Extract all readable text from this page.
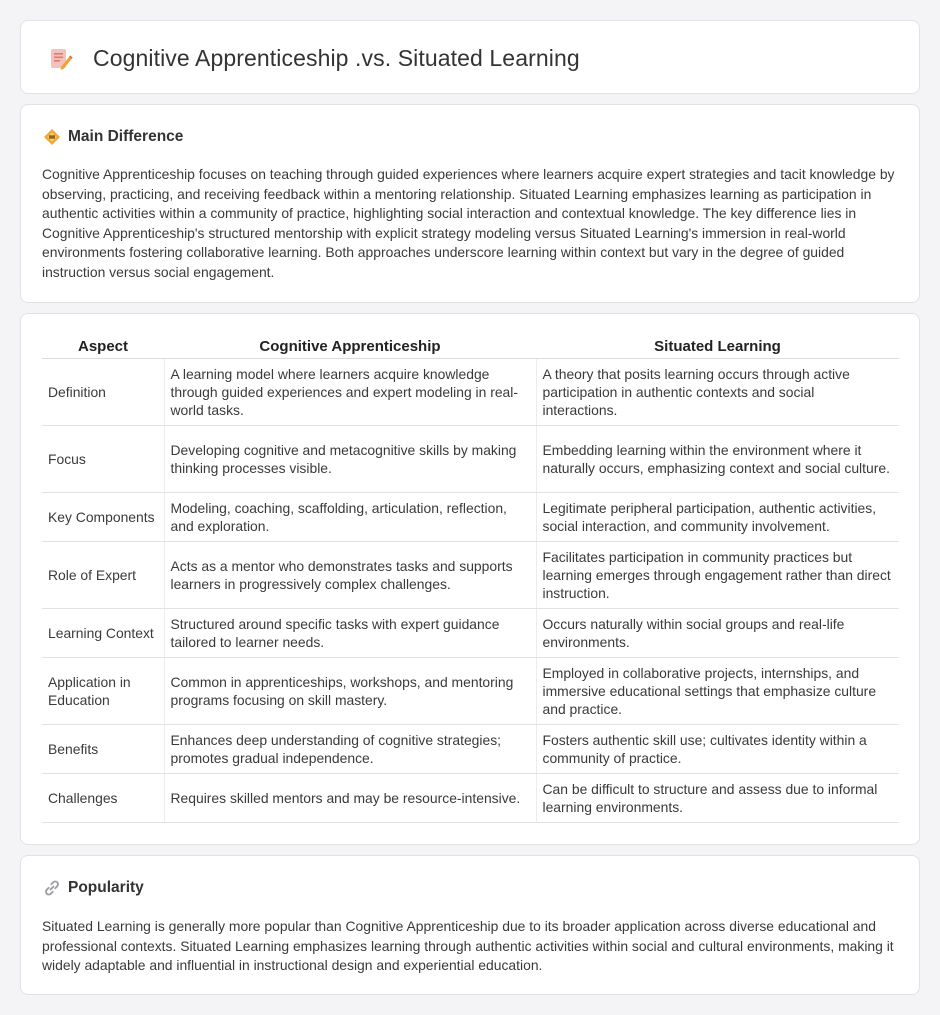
Cognitive Apprenticeship .vs. Situated Learning
Main Difference

Cognitive Apprenticeship focuses on teaching through guided experiences where learners acquire expert strategies and tacit knowledge by observing, practicing, and receiving feedback within a mentoring relationship. Situated Learning emphasizes learning as participation in authentic activities within a community of practice, highlighting social interaction and contextual knowledge. The key difference lies in Cognitive Apprenticeship's structured mentorship with explicit strategy modeling versus Situated Learning's immersion in real-world environments fostering collaborative learning. Both approaches underscore learning within context but vary in the degree of guided instruction versus social engagement.

Aspect	Cognitive Apprenticeship	Situated Learning
Definition	A learning model where learners acquire knowledge through guided experiences and expert modeling in real-world tasks.	A theory that posits learning occurs through active participation in authentic contexts and social interactions.
Focus	Developing cognitive and metacognitive skills by making thinking processes visible.	Embedding learning within the environment where it naturally occurs, emphasizing context and social culture.
Key Components	Modeling, coaching, scaffolding, articulation, reflection, and exploration.	Legitimate peripheral participation, authentic activities, social interaction, and community involvement.
Role of Expert	Acts as a mentor who demonstrates tasks and supports learners in progressively complex challenges.	Facilitates participation in community practices but learning emerges through engagement rather than direct instruction.
Learning Context	Structured around specific tasks with expert guidance tailored to learner needs.	Occurs naturally within social groups and real-life environments.
Application in Education	Common in apprenticeships, workshops, and mentoring programs focusing on skill mastery.	Employed in collaborative projects, internships, and immersive educational settings that emphasize culture and practice.
Benefits	Enhances deep understanding of cognitive strategies; promotes gradual independence.	Fosters authentic skill use; cultivates identity within a community of practice.
Challenges	Requires skilled mentors and may be resource-intensive.	Can be difficult to structure and assess due to informal learning environments.
Popularity

Situated Learning is generally more popular than Cognitive Apprenticeship due to its broader application across diverse educational and professional contexts. Situated Learning emphasizes learning through authentic activities within social and cultural environments, making it widely adaptable and influential in instructional design and experiential education.
